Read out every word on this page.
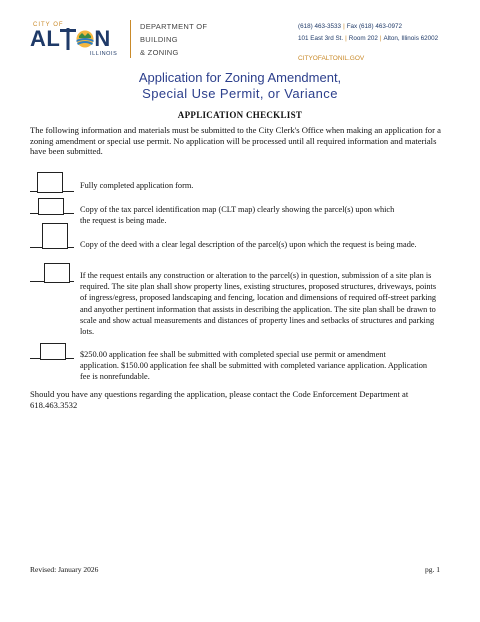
CITY OF
AL N
ILLINOIS
DEPARTMENT OF
BUILDING
& ZONING
(618) 463-3533 | Fax (618) 463-0972
101 East 3rd St. | Room 202 | Alton, Illinois 62002
CITYOFALTONIL.GOV
Application for Zoning Amendment,
Special Use Permit, or Variance
APPLICATION CHECKLIST
The following information and materials must be submitted to the City Clerk's Office when making an application for a zoning amendment or special use permit. No application will be processed until all required information and materials have been submitted.
Fully completed application form.
Copy of the tax parcel identification map (CLT map) clearly showing the parcel(s) upon which
the request is being made.
Copy of the deed with a clear legal description of the parcel(s) upon which the request is being made.
If the request entails any construction or alteration to the parcel(s) in question, submission of a site plan is required. The site plan shall show property lines, existing structures, proposed structures, driveways, points of ingress/egress, proposed landscaping and fencing, location and dimensions of required off-street parking and anyother pertinent information that assists in describing the application. The site plan shall be drawn to scale and show actual measurements and distances of property lines and setbacks of structures and parking lots.
$250.00 application fee shall be submitted with completed special use permit or amendment
application. $150.00 application fee shall be submitted with completed variance application. Application fee is nonrefundable.
Should you have any questions regarding the application, please contact the Code Enforcement Department at 618.463.3532
Revised: January 2026	pg. 1
